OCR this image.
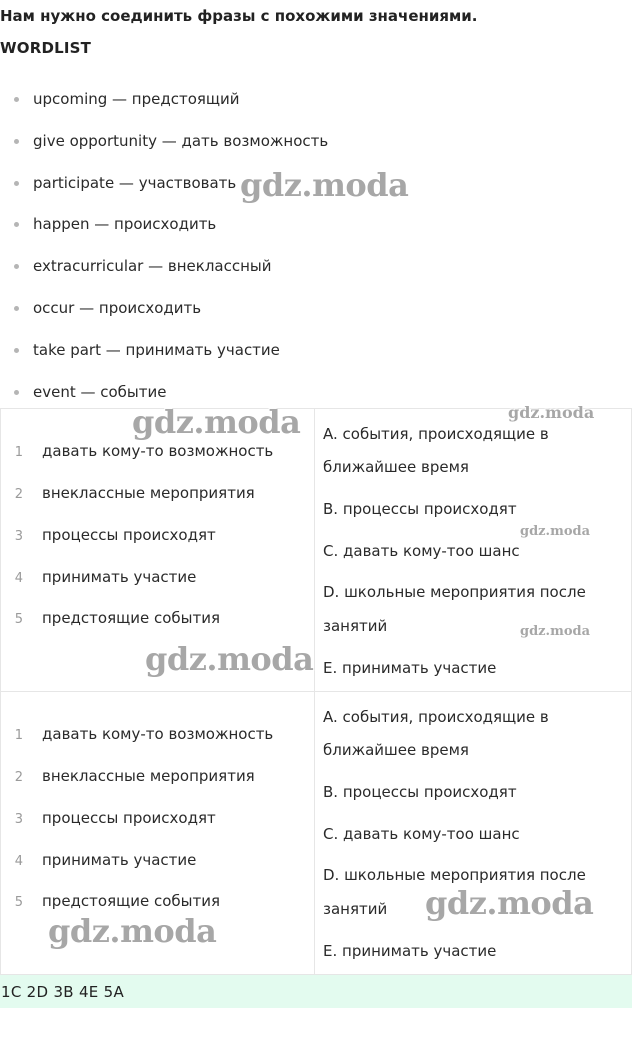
Нам нужно соединить фразы с похожими значениями.
WORDLIST
upcoming — предстоящий
give opportunity — дать возможность
participate — участвовать
happen — происходить
extracurricular — внеклассный
occur — происходить
take part — принимать участие
event — событие
1 давать кому-то возможность
2 внеклассные мероприятия
3 процессы происходят
4 принимать участие
5 предстоящие события
A. события, происходящие в
ближайшее время
B. процессы происходят
C. давать кому-тоо шанс
D. школьные мероприятия после
занятий
E. принимать участие
1 давать кому-то возможность
2 внеклассные мероприятия
3 процессы происходят
4 принимать участие
5 предстоящие события
A. события, происходящие в
ближайшее время
B. процессы происходят
C. давать кому-тоо шанс
D. школьные мероприятия после
занятий
E. принимать участие
1C 2D 3B 4E 5A
gdz.moda
gdz.moda	gdz.moda
gdz.moda
gdz.moda
gdz.moda
gdz.moda
gdz.moda
